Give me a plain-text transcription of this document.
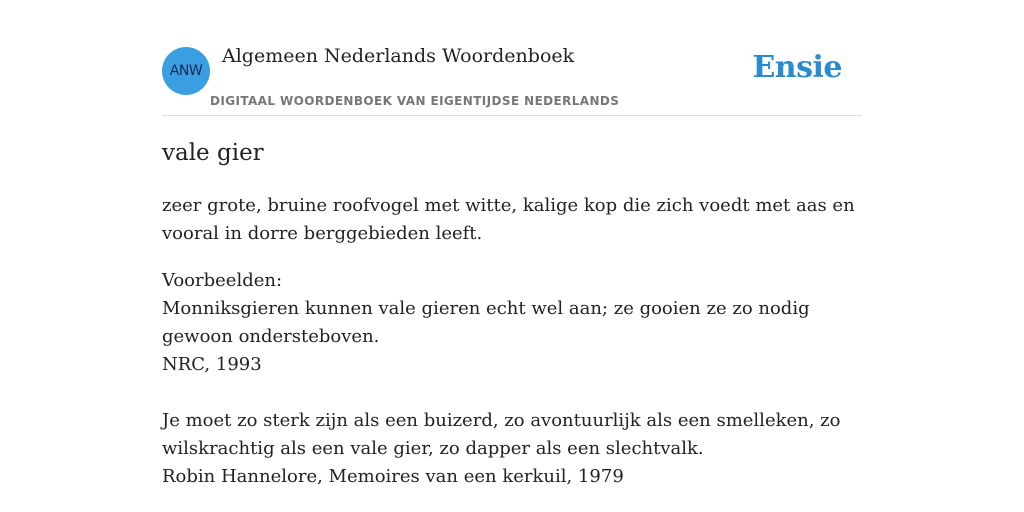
ANW
Algemeen Nederlands Woordenboek
DIGITAAL WOORDENBOEK VAN EIGENTIJDSE NEDERLANDS
Ensie
vale gier
zeer grote, bruine roofvogel met witte, kalige kop die zich voedt met aas en vooral in dorre berggebieden leeft.
Voorbeelden:
Monniksgieren kunnen vale gieren echt wel aan; ze gooien ze zo nodig gewoon ondersteboven.
NRC, 1993
Je moet zo sterk zijn als een buizerd, zo avontuurlijk als een smelleken, zo wilskrachtig als een vale gier, zo dapper als een slechtvalk.
Robin Hannelore, Memoires van een kerkuil, 1979
